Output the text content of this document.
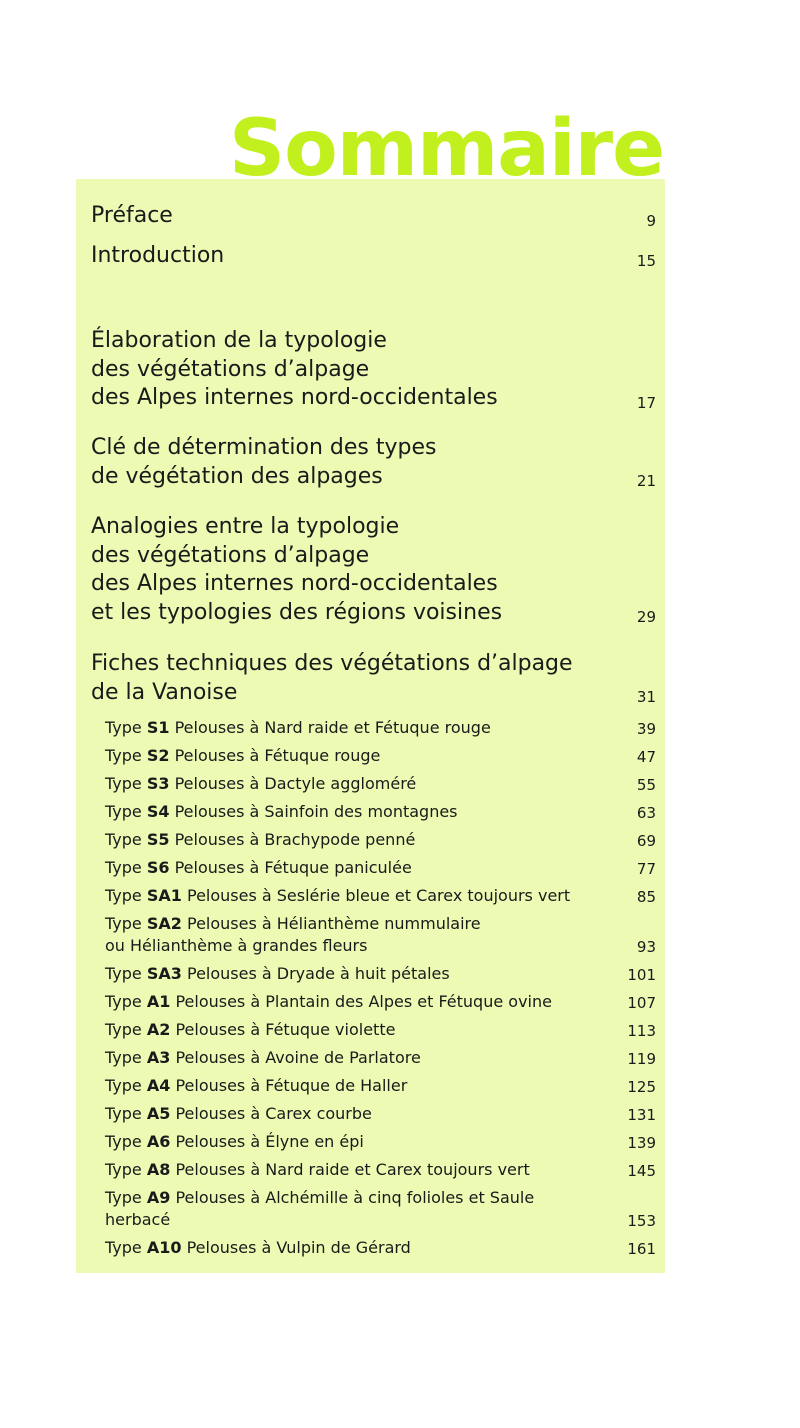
Sommaire
Préface	9
Introduction	15
Élaboration de la typologie
des végétations d’alpage
des Alpes internes nord-occidentales	17
Clé de détermination des types
de végétation des alpages	21
Analogies entre la typologie
des végétations d’alpage
des Alpes internes nord-occidentales
et les typologies des régions voisines	29
Fiches techniques des végétations d’alpage
de la Vanoise	31
Type S1 Pelouses à Nard raide et Fétuque rouge	39
Type S2 Pelouses à Fétuque rouge	47
Type S3 Pelouses à Dactyle aggloméré	55
Type S4 Pelouses à Sainfoin des montagnes	63
Type S5 Pelouses à Brachypode penné	69
Type S6 Pelouses à Fétuque paniculée	77
Type SA1 Pelouses à Seslérie bleue et Carex toujours vert	85
Type SA2 Pelouses à Hélianthème nummulaire
ou Hélianthème à grandes fleurs	93
Type SA3 Pelouses à Dryade à huit pétales	101
Type A1 Pelouses à Plantain des Alpes et Fétuque ovine	107
Type A2 Pelouses à Fétuque violette	113
Type A3 Pelouses à Avoine de Parlatore	119
Type A4 Pelouses à Fétuque de Haller	125
Type A5 Pelouses à Carex courbe	131
Type A6 Pelouses à Élyne en épi	139
Type A8 Pelouses à Nard raide et Carex toujours vert	145
Type A9 Pelouses à Alchémille à cinq folioles et Saule
herbacé	153
Type A10 Pelouses à Vulpin de Gérard	161
